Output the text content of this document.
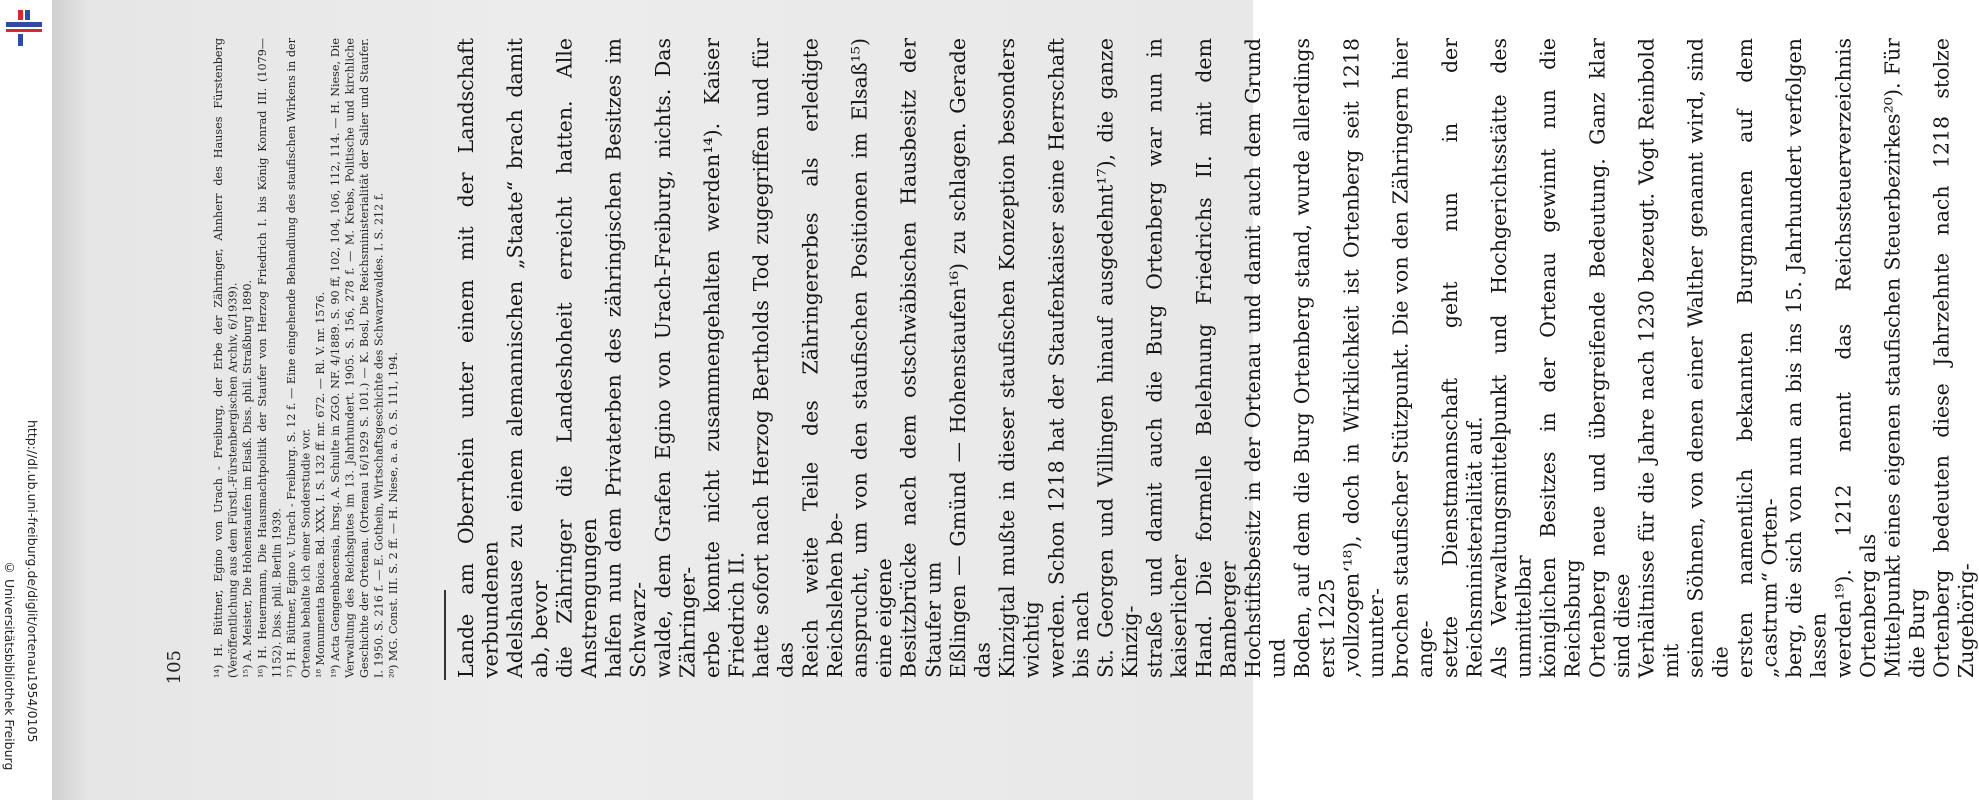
http://dl.ub.uni-freiburg.de/diglit/ortenau1954/0105
© Universitätsbibliothek Freiburg	Lande am Oberrhein unter einem mit der Landschaft verbundenen Adelshause zu einem alemannischen „Staate“ brach damit ab, bevor die Zähringer die Landeshoheit erreicht hatten. Alle Anstrengungen halfen nun dem Privaterben des zähringischen Besitzes im Schwarz- walde, dem Grafen Egino von Urach-Freiburg, nichts. Das Zähringer- erbe konnte nicht zusammengehalten werden¹⁴). Kaiser Friedrich II. hatte sofort nach Herzog Bertholds Tod zugegriffen und für das Reich weite Teile des Zähringererbes als erledigte Reichslehen be- ansprucht, um von den staufischen Positionen im Elsaß¹⁵) eine eigene Besitzbrücke nach dem ostschwäbischen Hausbesitz der Staufer um Eßlingen — Gmünd — Hohenstaufen¹⁶) zu schlagen. Gerade das Kinzigtal mußte in dieser staufischen Konzeption besonders wichtig werden. Schon 1218 hat der Staufenkaiser seine Herrschaft bis nach St. Georgen und Villingen hinauf ausgedehnt¹⁷), die ganze Kinzig- straße und damit auch die Burg Ortenberg war nun in kaiserlicher Hand. Die formelle Belehnung Friedrichs II. mit dem Bamberger Hochstiftsbesitz in der Ortenau und damit auch dem Grund und Boden, auf dem die Burg Ortenberg stand, wurde allerdings erst 1225 ‚vollzogen‘¹⁸), doch in Wirklichkeit ist Ortenberg seit 1218 ununter- brochen staufischer Stützpunkt. Die von den Zähringern hier ange- setzte Dienstmannschaft geht nun in der Reichsministerialität auf. Als Verwaltungsmittelpunkt und Hochgerichtsstätte des unmittelbar königlichen Besitzes in der Ortenau gewinnt nun die Reichsburg Ortenberg neue und übergreifende Bedeutung. Ganz klar sind diese Verhältnisse für die Jahre nach 1230 bezeugt. Vogt Reinbold mit seinen Söhnen, von denen einer Walther genannt wird, sind die ersten namentlich bekannten Burgmannen auf dem „castrum“ Orten- berg, die sich von nun an bis ins 15. Jahrhundert verfolgen lassen werden¹⁹). 1212 nennt das Reichssteuerverzeichnis Ortenberg als Mittelpunkt eines eigenen staufischen Steuerbezirkes²⁰). Für die Burg Ortenberg bedeuten diese Jahrzehnte nach 1218 stolze Zugehörig-

¹⁴) H. Büttner, Egino von Urach - Freiburg, der Erbe der Zähringer, Ahnherr des Hauses Fürstenberg (Veröffentlichung aus dem Fürstl.-Fürstenbergischen Archiv, 6/1939). ¹⁵) A. Meister, Die Hohenstaufen im Elsaß. Diss. phil. Straßburg 1890. ¹⁶) H. Heuermann, Die Hausmachtpolitik der Staufer von Herzog Friedrich I. bis König Konrad III. (1079—1152). Diss. phil. Berlin 1939. ¹⁷) H. Büttner, Egino v. Urach - Freiburg. S. 12 f. — Eine eingehende Behandlung des staufischen Wirkens in der Ortenau behalte ich einer Sonderstudie vor. ¹⁸ Monumenta Boica. Bd. XXX, I. S. 132 ff. nr. 672. — Rl. V. nr. 1576. ¹⁹) Acta Gengenbacensia, hrsg. A. Schulte in ZGO. NF. 4/1889. S. 90 ff, 102, 104, 106, 112, 114. — H. Niese, Die Verwaltung des Reichsgutes im 13. Jahrhundert. 1905. S. 156, 278 f. — M. Krebs, Politische und kirchliche Geschichte der Ortenau. (Ortenau 16/1929 S. 101.) — K. Bosl, Die Reichsministerialität der Salier und Staufer. I. 1950. S. 216 f. — E. Gothein, Wirtschaftsgeschichte des Schwarzwaldes. I. S. 212 f. ²⁰) MG. Const. III. S. 2 ff. — H. Niese, a. a. O. S. 111, 194.

105
